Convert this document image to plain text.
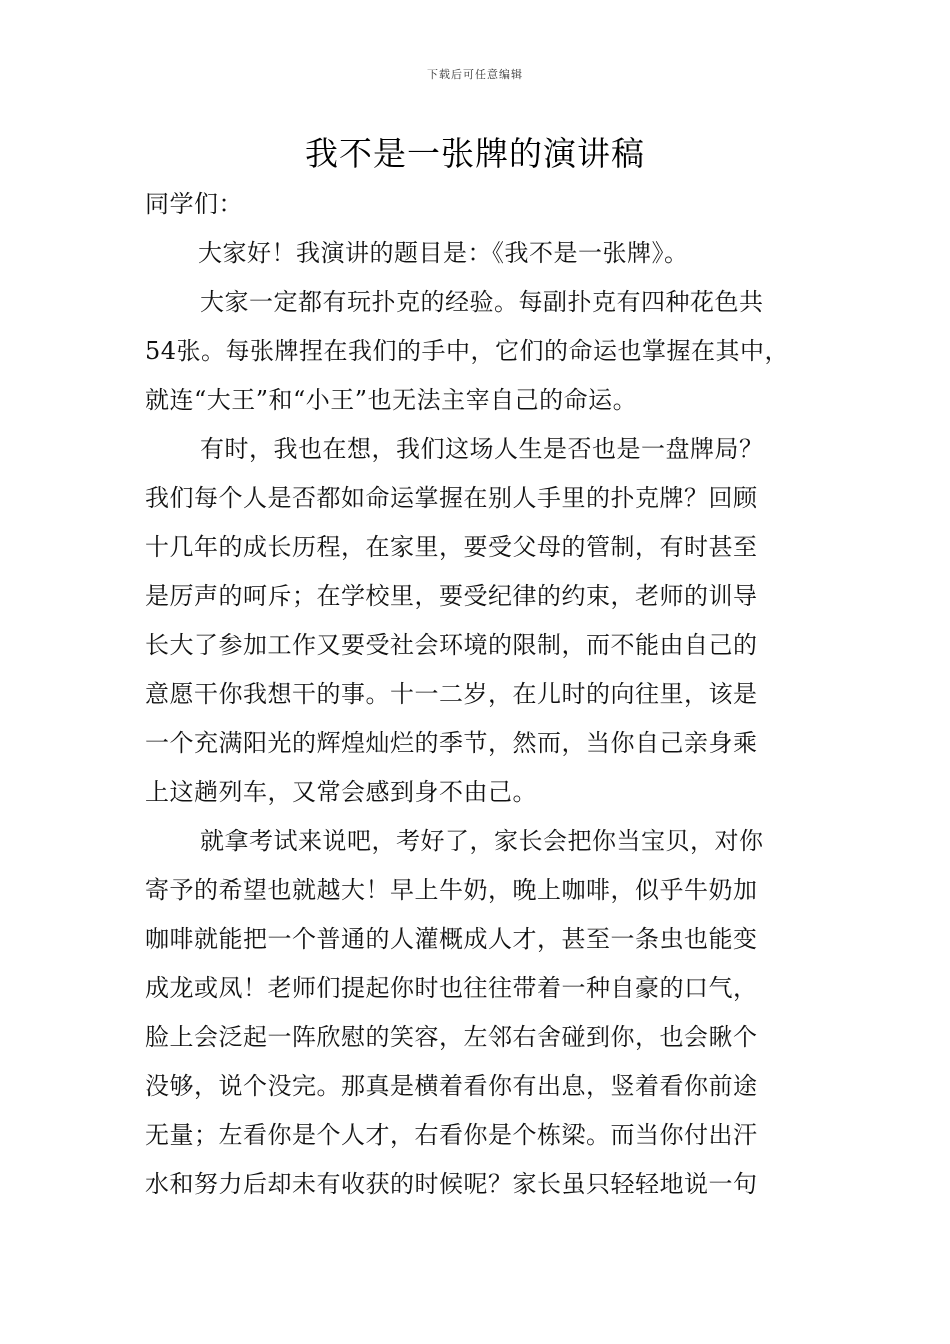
下载后可任意编辑
我不是一张牌的演讲稿
同学们：
大家好！我演讲的题目是：《我不是一张牌》。
大家一定都有玩扑克的经验。每副扑克有四种花色共
54张。每张牌捏在我们的手中，它们的命运也掌握在其中，
就连“大王”和“小王”也无法主宰自己的命运。
有时，我也在想，我们这场人生是否也是一盘牌局？
我们每个人是否都如命运掌握在别人手里的扑克牌？回顾
十几年的成长历程，在家里，要受父母的管制，有时甚至
是厉声的呵斥；在学校里，要受纪律的约束，老师的训导
长大了参加工作又要受社会环境的限制，而不能由自己的
意愿干你我想干的事。十一二岁，在儿时的向往里，该是
一个充满阳光的辉煌灿烂的季节，然而，当你自己亲身乘
上这趟列车，又常会感到身不由己。
就拿考试来说吧，考好了，家长会把你当宝贝，对你
寄予的希望也就越大！早上牛奶，晚上咖啡，似乎牛奶加
咖啡就能把一个普通的人灌概成人才，甚至一条虫也能变
成龙或凤！老师们提起你时也往往带着一种自豪的口气，
脸上会泛起一阵欣慰的笑容，左邻右舍碰到你，也会瞅个
没够，说个没完。那真是横着看你有出息，竖着看你前途
无量；左看你是个人才，右看你是个栋梁。而当你付出汗
水和努力后却未有收获的时候呢？家长虽只轻轻地说一句
